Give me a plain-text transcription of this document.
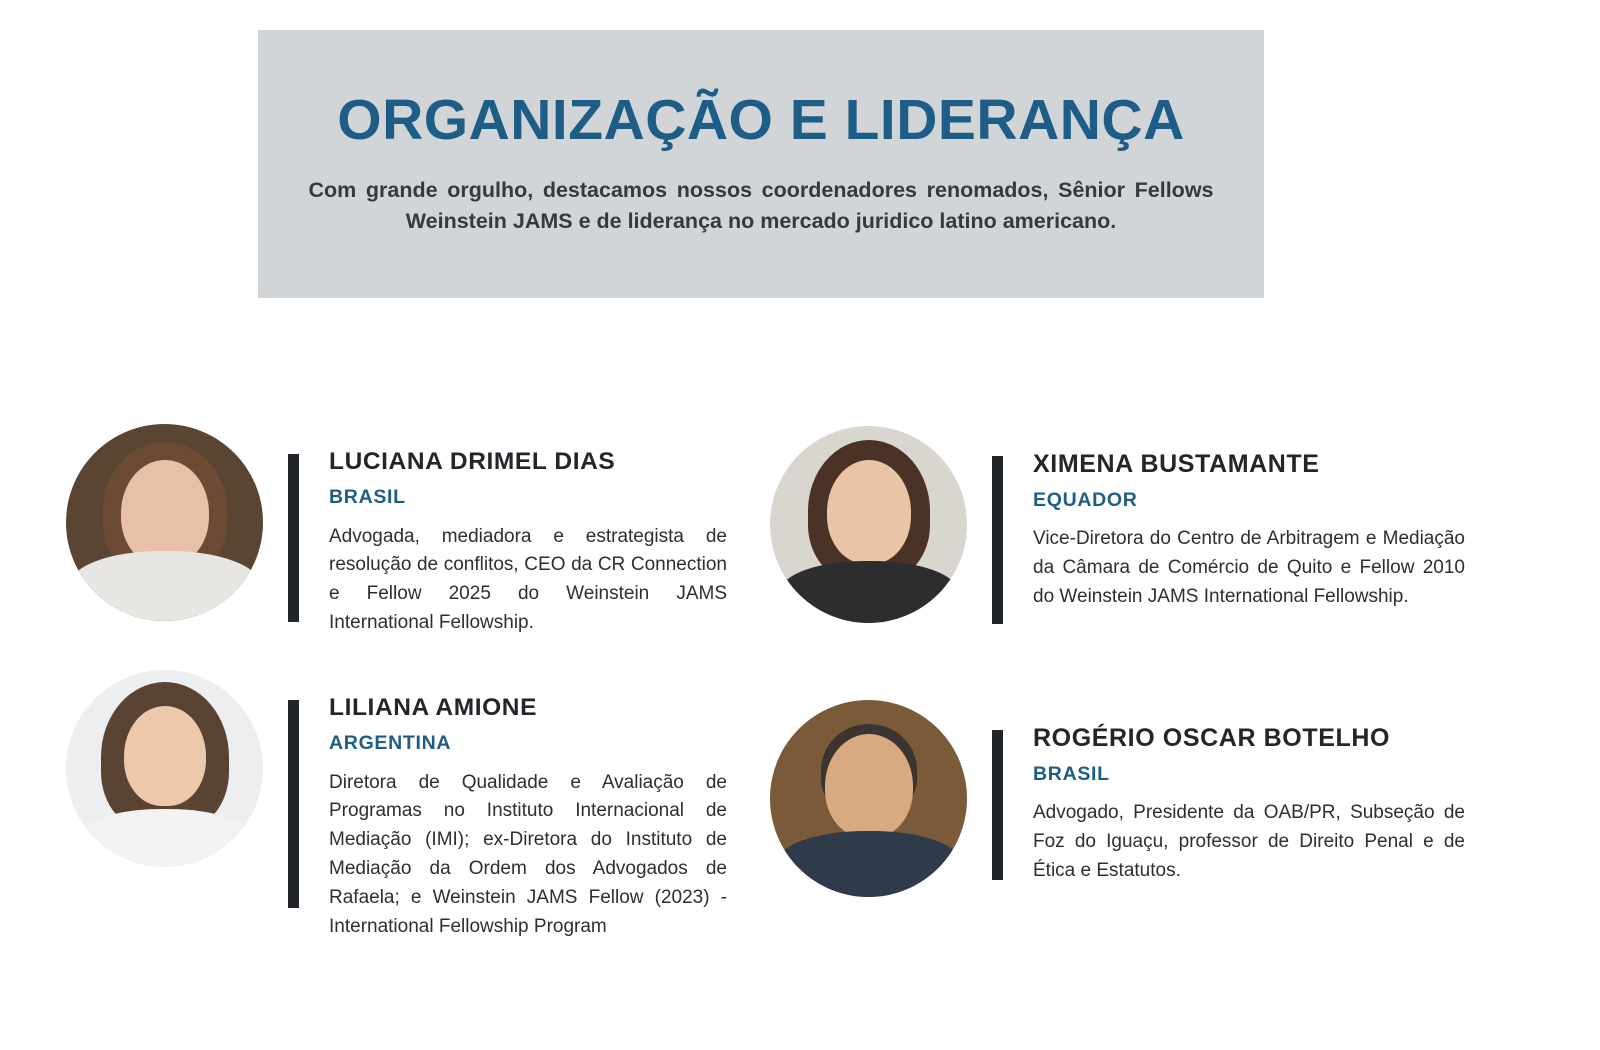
ORGANIZAÇÃO E LIDERANÇA
Com grande orgulho, destacamos nossos coordenadores renomados, Sênior Fellows Weinstein JAMS e de liderança no mercado juridico latino americano.
LUCIANA DRIMEL DIAS
BRASIL
Advogada, mediadora e estrategista de resolução de conflitos, CEO da CR Connection e Fellow 2025 do Weinstein JAMS International Fellowship.
XIMENA BUSTAMANTE
EQUADOR
Vice-Diretora do Centro de Arbitragem e Mediação da Câmara de Comércio de Quito e Fellow 2010 do Weinstein JAMS International Fellowship.
LILIANA AMIONE
ARGENTINA
Diretora de Qualidade e Avaliação de Programas no Instituto Internacional de Mediação (IMI); ex-Diretora do Instituto de Mediação da Ordem dos Advogados de Rafaela; e Weinstein JAMS Fellow (2023) - International Fellowship Program
ROGÉRIO OSCAR BOTELHO
BRASIL
Advogado, Presidente da OAB/PR, Subseção de Foz do Iguaçu, professor de Direito Penal e de Ética e Estatutos.
